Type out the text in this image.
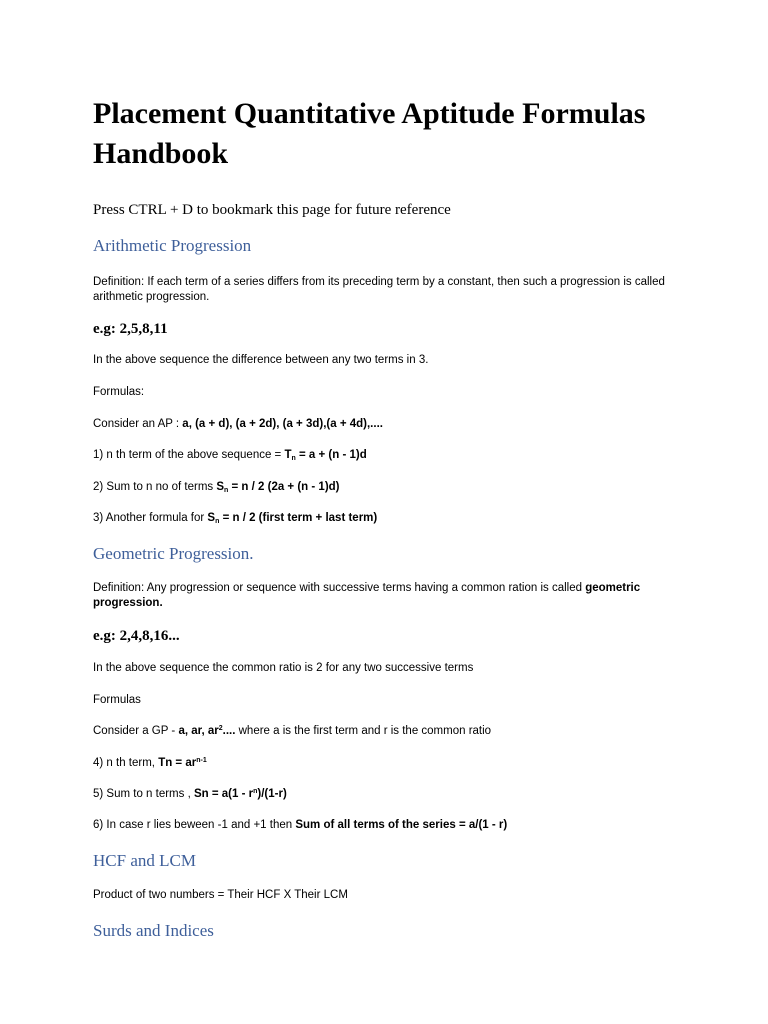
Placement Quantitative Aptitude Formulas Handbook

Press CTRL + D to bookmark this page for future reference

Arithmetic Progression

Definition: If each term of a series differs from its preceding term by a constant, then such a progression is called arithmetic progression.

e.g: 2,5,8,11

In the above sequence the difference between any two terms in 3.

Formulas:

Consider an AP : a, (a + d), (a + 2d), (a + 3d),(a + 4d),....

1) n th term of the above sequence = $T_n = a + (n - 1)d$

2) Sum to n no of terms $S_n = n / 2$ (2a + (n - 1)d)

3) Another formula for $S_n = n / 2$ (first term + last term)

Geometric Progression.

Definition: Any progression or sequence with successive terms having a common ration is called geometric progression.

e.g: 2,4,8,16...

In the above sequence the common ratio is 2 for any two successive terms

Formulas

Consider a GP - a, ar, $ar^2$.... where a is the first term and r is the common ratio

4) n th term, $Tn = ar^{n-1}$

5) Sum to n terms , $Sn = a(1 - r^n)/(1-r)$

6) In case r lies beween -1 and +1 then Sum of all terms of the series = a/(1 - r)

HCF and LCM

Product of two numbers = Their HCF X Their LCM

Surds and Indices
